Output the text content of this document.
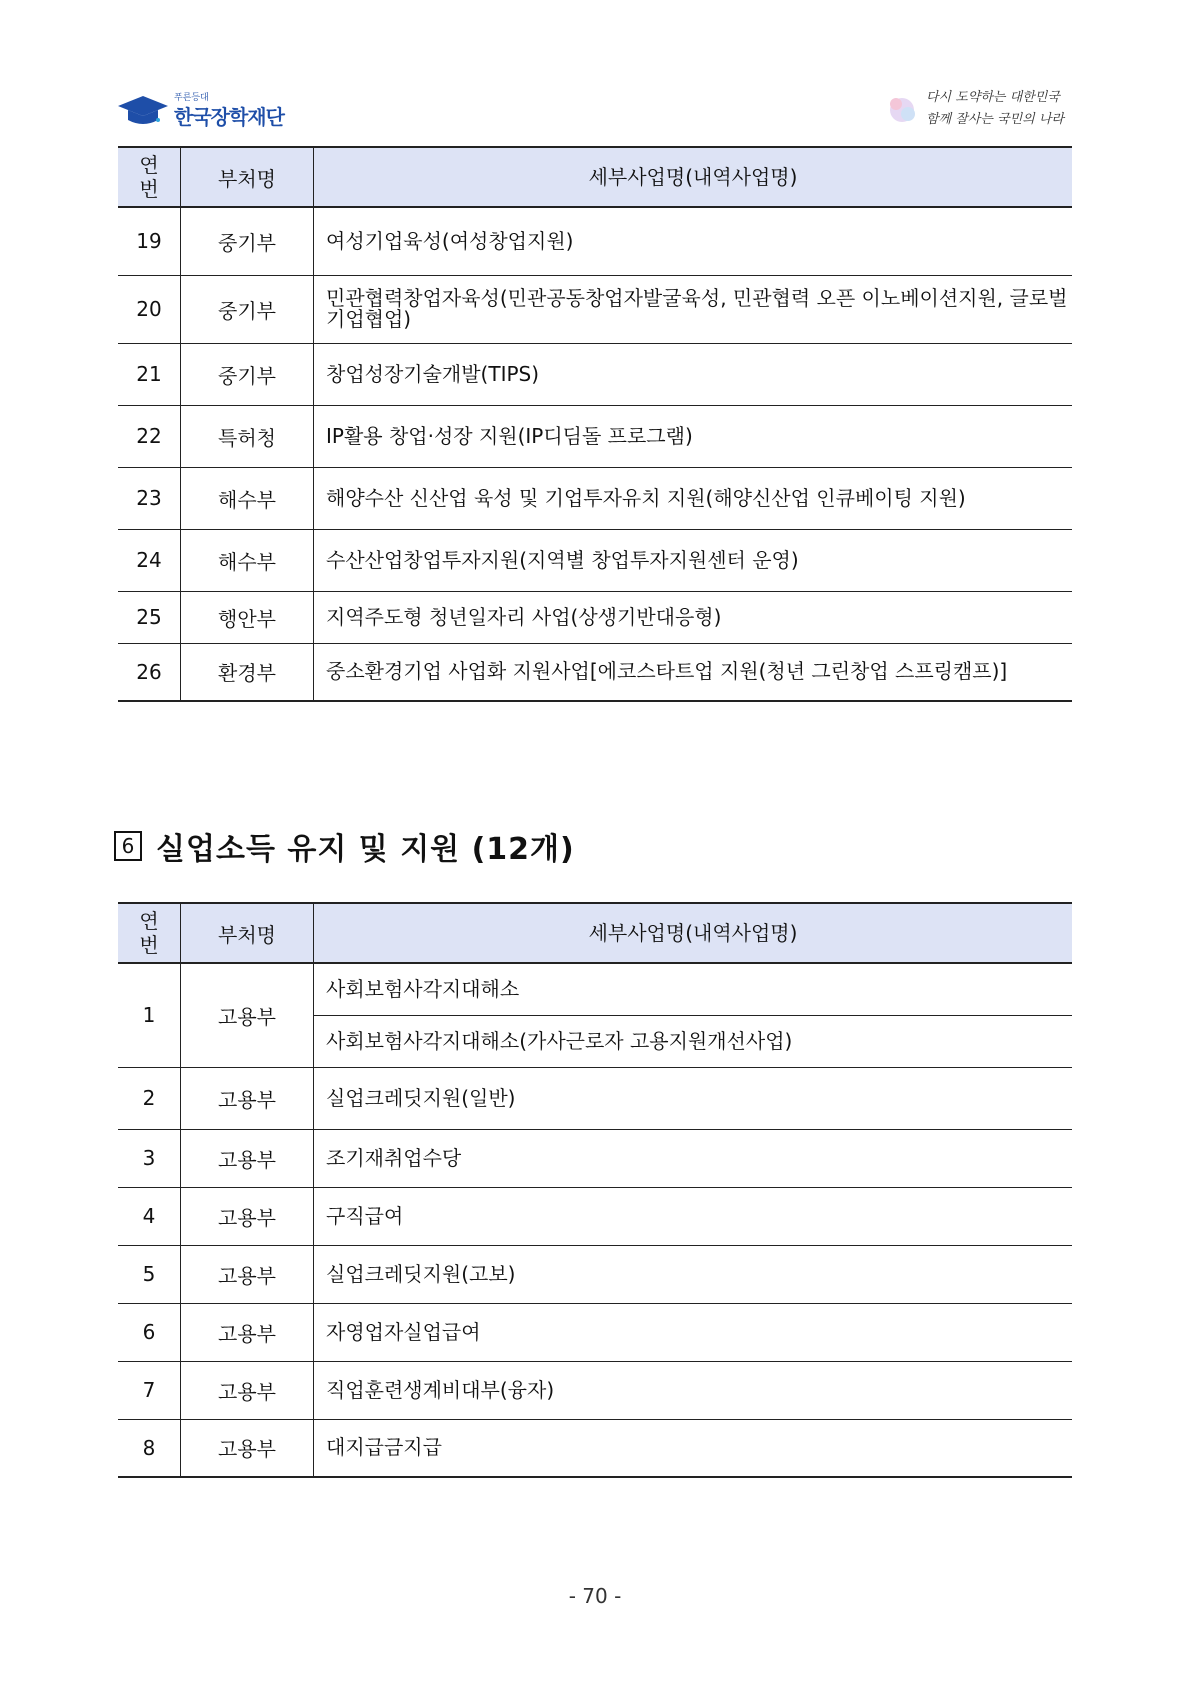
푸른등대
한국장학재단
다시 도약하는 대한민국
함께 잘사는 국민의 나라
연
번	부처명	세부사업명(내역사업명)
19	중기부	여성기업육성(여성창업지원)
20	중기부	민관협력창업자육성(민관공동창업자발굴육성, 민관협력 오픈 이노베이션지원, 글로벌기업협업)
21	중기부	창업성장기술개발(TIPS)
22	특허청	IP활용 창업·성장 지원(IP디딤돌 프로그램)
23	해수부	해양수산 신산업 육성 및 기업투자유치 지원(해양신산업 인큐베이팅 지원)
24	해수부	수산산업창업투자지원(지역별 창업투자지원센터 운영)
25	행안부	지역주도형 청년일자리 사업(상생기반대응형)
26	환경부	중소환경기업 사업화 지원사업[에코스타트업 지원(청년 그린창업 스프링캠프)]
6 실업소득 유지 및 지원 (12개)
연
번	부처명	세부사업명(내역사업명)
1	고용부	사회보험사각지대해소
		사회보험사각지대해소(가사근로자 고용지원개선사업)
2	고용부	실업크레딧지원(일반)
3	고용부	조기재취업수당
4	고용부	구직급여
5	고용부	실업크레딧지원(고보)
6	고용부	자영업자실업급여
7	고용부	직업훈련생계비대부(융자)
8	고용부	대지급금지급
- 70 -
